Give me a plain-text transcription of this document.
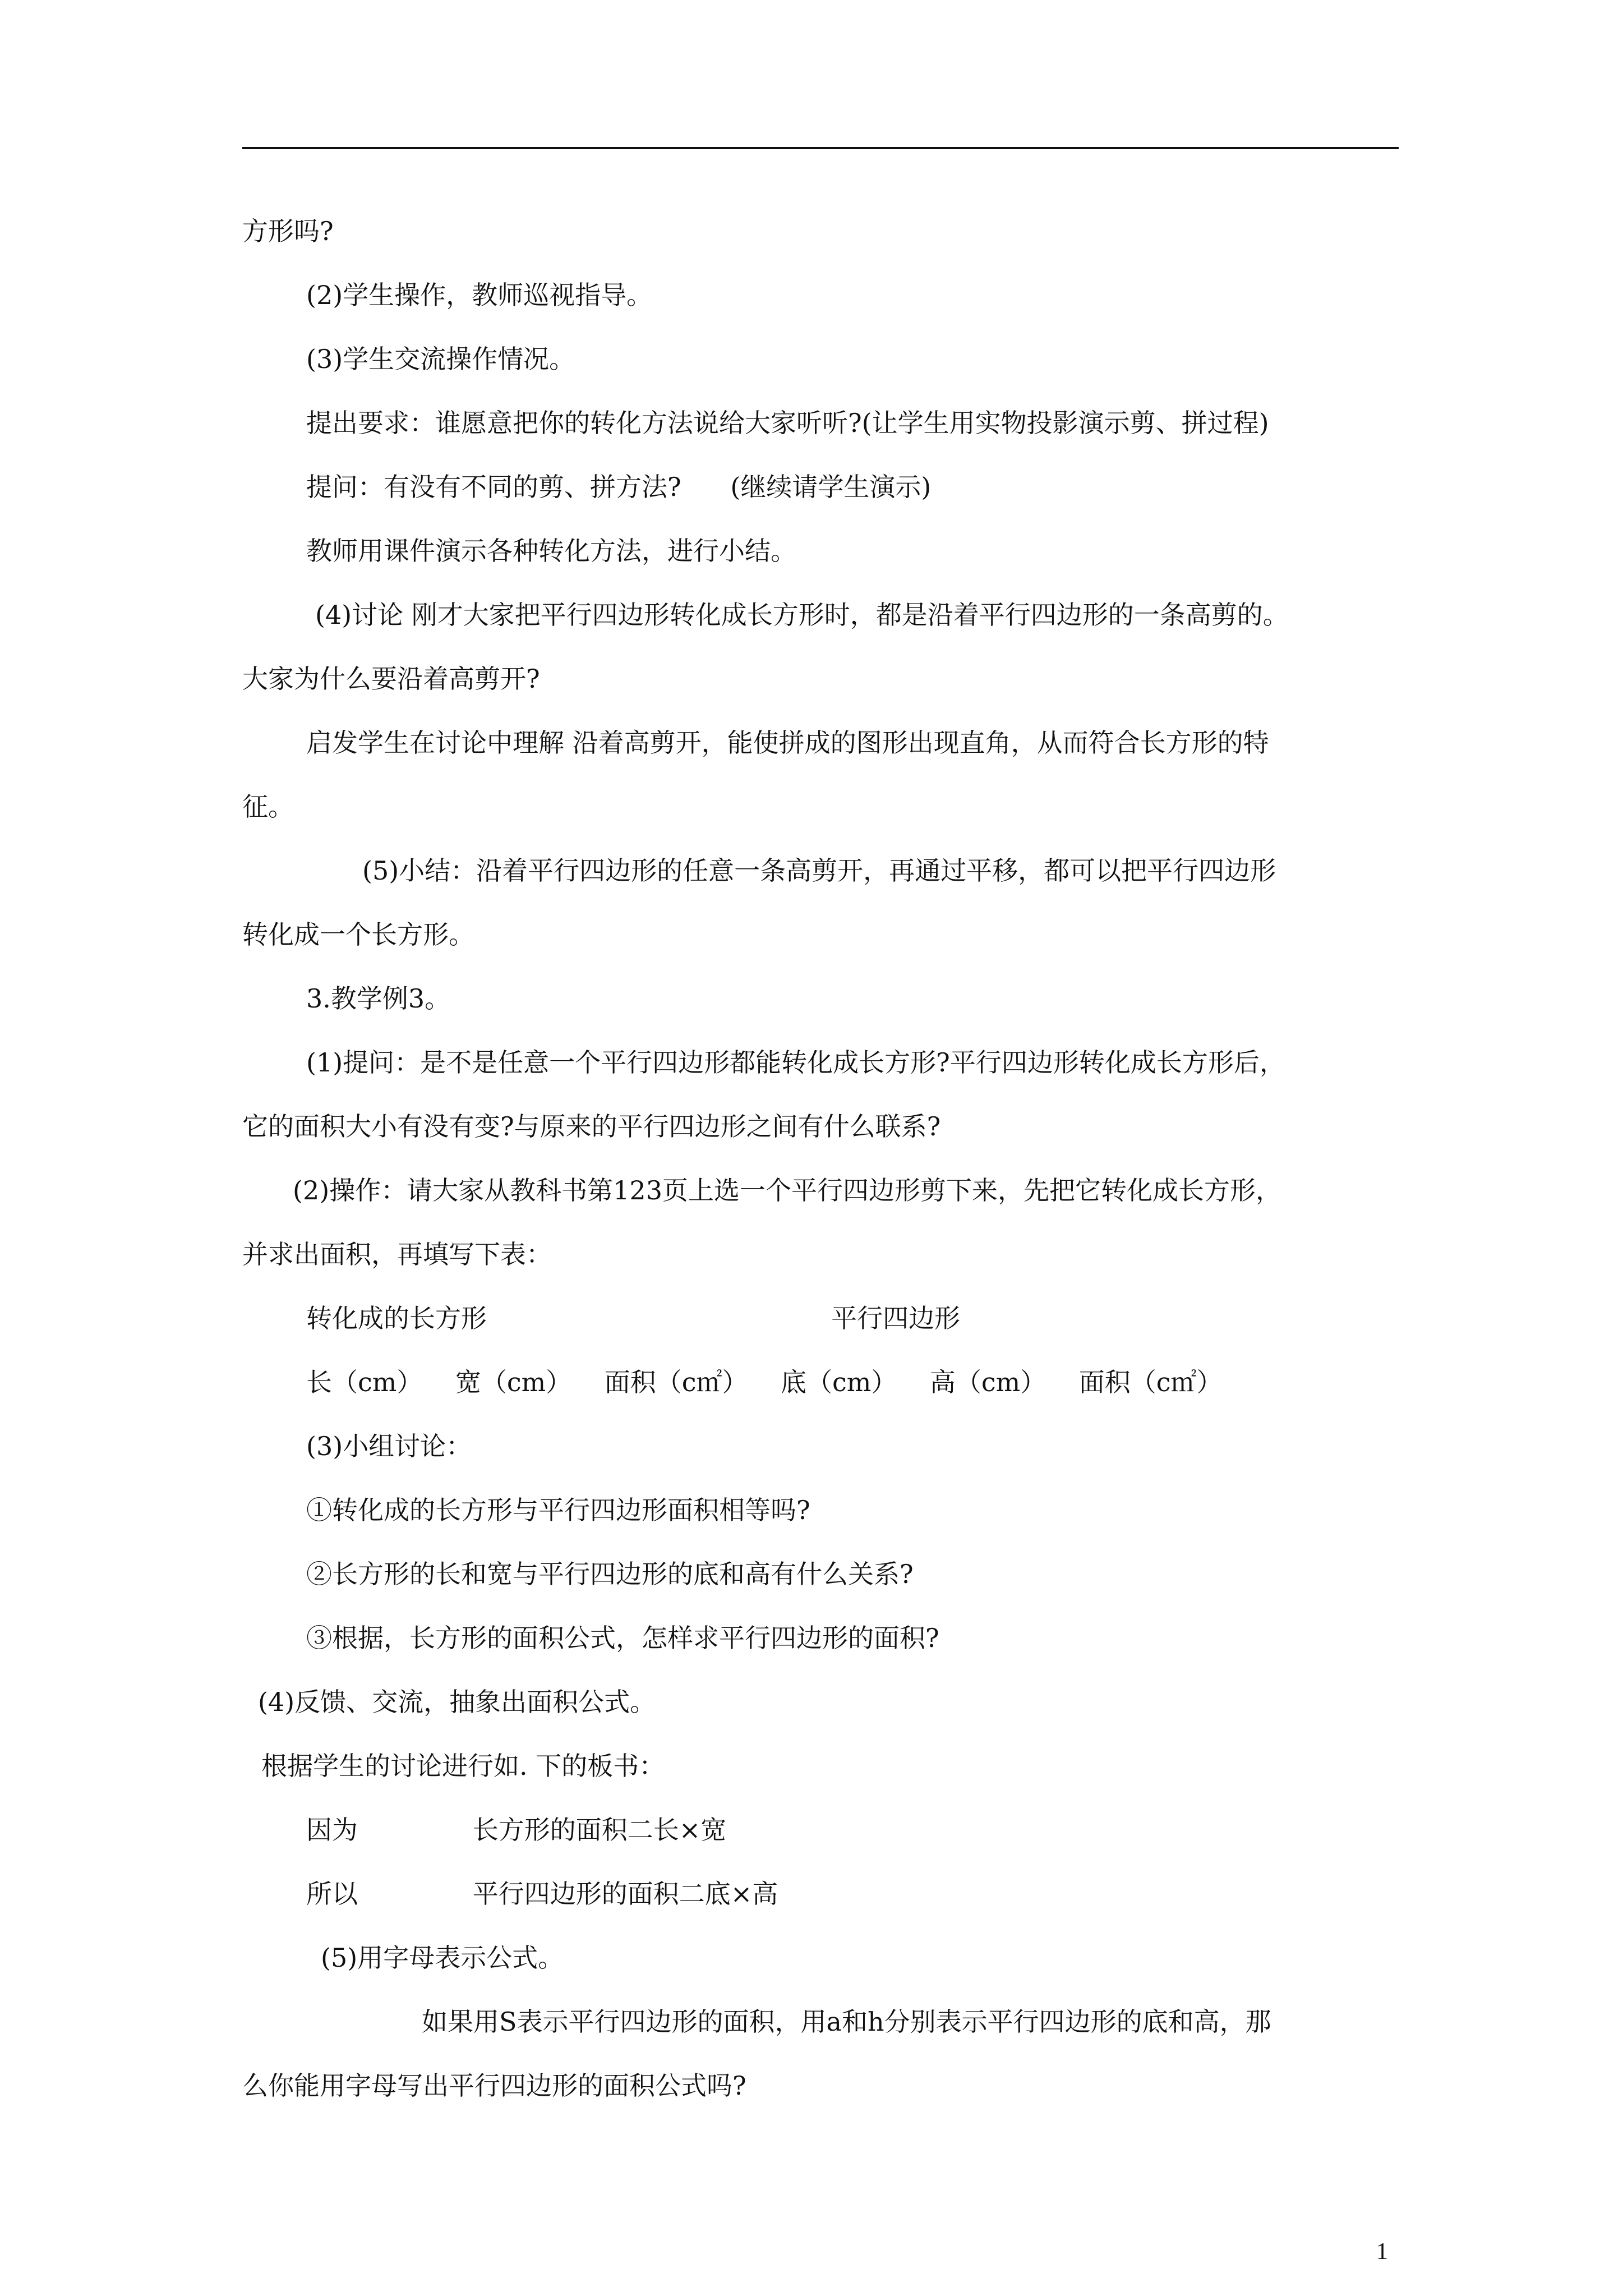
方形吗?
(2)学生操作，教师巡视指导。
(3)学生交流操作情况。
提出要求：谁愿意把你的转化方法说给大家听听?(让学生用实物投影演示剪、拼过程)
提问：有没有不同的剪、拼方法?      (继续请学生演示)
教师用课件演示各种转化方法，进行小结。
(4)讨论 刚才大家把平行四边形转化成长方形时，都是沿着平行四边形的一条高剪的。
大家为什么要沿着高剪开?
启发学生在讨论中理解 沿着高剪开，能使拼成的图形出现直角，从而符合长方形的特
征。
(5)小结：沿着平行四边形的任意一条高剪开，再通过平移，都可以把平行四边形
转化成一个长方形。
3.教学例3。
(1)提问：是不是任意一个平行四边形都能转化成长方形?平行四边形转化成长方形后，
它的面积大小有没有变?与原来的平行四边形之间有什么联系?
(2)操作：请大家从教科书第123页上选一个平行四边形剪下来，先把它转化成长方形，
并求出面积，再填写下表：
转化成的长方形                                          平行四边形
长（cm）    宽（cm）    面积（c㎡）    底（cm）    高（cm）    面积（c㎡）
(3)小组讨论：
①转化成的长方形与平行四边形面积相等吗?
②长方形的长和宽与平行四边形的底和高有什么关系?
③根据，长方形的面积公式，怎样求平行四边形的面积?
(4)反馈、交流，抽象出面积公式。
根据学生的讨论进行如. 下的板书：
因为              长方形的面积二长×宽
所以              平行四边形的面积二底×高
(5)用字母表示公式。
如果用S表示平行四边形的面积，用a和h分别表示平行四边形的底和高，那
么你能用字母写出平行四边形的面积公式吗?
1
